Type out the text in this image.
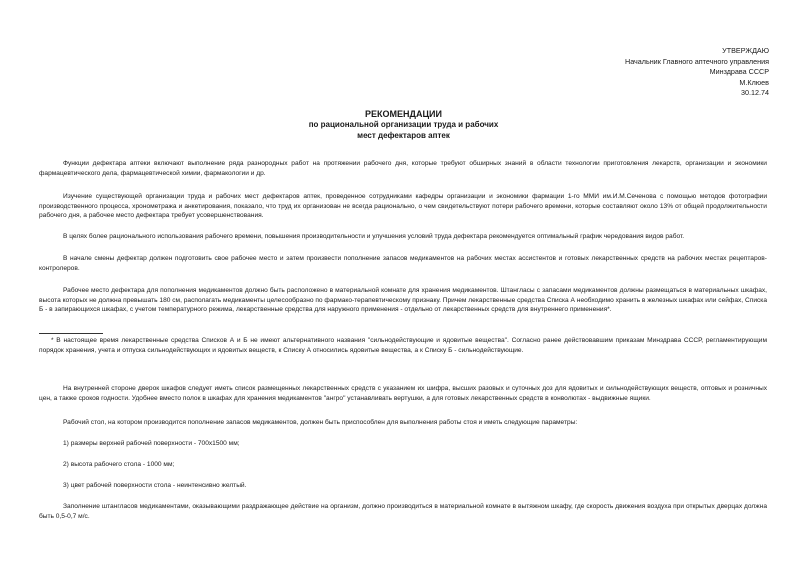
УТВЕРЖДАЮ
Начальник Главного аптечного управления
Минздрава СССР
М.Клюев
30.12.74
РЕКОМЕНДАЦИИ
по рациональной организации труда и рабочих
мест дефектаров аптек

Функции дефектара аптеки включают выполнение ряда разнородных работ на протяжении рабочего дня, которые требуют обширных знаний в области технологии приготовления лекарств, организации и экономики фармацевтического дела, фармацевтической химии, фармакологии и др.

Изучение существующей организации труда и рабочих мест дефектаров аптек, проведенное сотрудниками кафедры организации и экономики фармации 1-го ММИ им.И.М.Сеченова с помощью методов фотографии производственного процесса, хронометража и анкетирования, показало, что труд их организован не всегда рационально, о чем свидетельствуют потери рабочего времени, которые составляют около 13% от общей продолжительности рабочего дня, а рабочее место дефектара требует усовершенствования.

В целях более рационального использования рабочего времени, повышения производительности и улучшения условий труда дефектара рекомендуется оптимальный график чередования видов работ.

В начале смены дефектар должен подготовить свое рабочее место и затем произвести пополнение запасов медикаментов на рабочих местах ассистентов и готовых лекарственных средств на рабочих местах рецептаров-контролеров.

Рабочее место дефектара для пополнения медикаментов должно быть расположено в материальной комнате для хранения медикаментов. Штангласы с запасами медикаментов должны размещаться в материальных шкафах, высота которых не должна превышать 180 см, располагать медикаменты целесообразно по фармако-терапевтическому признаку. Причем лекарственные средства Списка А необходимо хранить в железных шкафах или сейфах, Списка Б - в запирающихся шкафах, с учетом температурного режима, лекарственные средства для наружного применения - отдельно от лекарственных средств для внутреннего применения*.

* В настоящее время лекарственные средства Списков А и Б не имеют альтернативного названия "сильнодействующие и ядовитые вещества". Согласно ранее действовавшим приказам Минздрава СССР, регламентирующим порядок хранения, учета и отпуска сильнодействующих и ядовитых веществ, к Списку А относились ядовитые вещества, а к Списку Б - сильнодействующие.

На внутренней стороне дверок шкафов следует иметь список размещенных лекарственных средств с указанием их шифра, высших разовых и суточных доз для ядовитых и сильнодействующих веществ, оптовых и розничных цен, а также сроков годности. Удобнее вместо полок в шкафах для хранения медикаментов "ангро" устанавливать вертушки, а для готовых лекарственных средств в конволютах - выдвижные ящики.

Рабочий стол, на котором производится пополнение запасов медикаментов, должен быть приспособлен для выполнения работы стоя и иметь следующие параметры:

1) размеры верхней рабочей поверхности - 700х1500 мм;

2) высота рабочего стола - 1000 мм;

3) цвет рабочей поверхности стола - неинтенсивно желтый.

Заполнение штангласов медикаментами, оказывающими раздражающее действие на организм, должно производиться в материальной комнате в вытяжном шкафу, где скорость движения воздуха при открытых дверцах должна быть 0,5-0,7 м/с.
